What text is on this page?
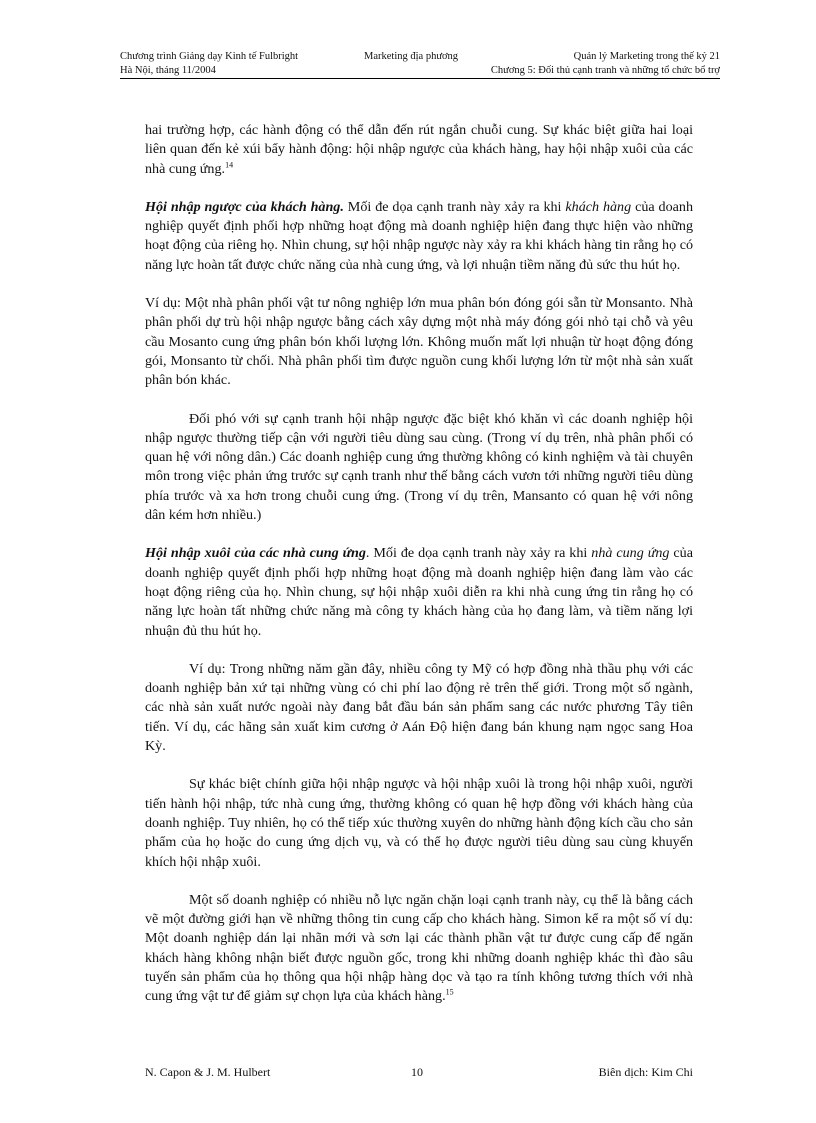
Chương trình Giảng dạy Kinh tế Fulbright
Hà Nội, tháng 11/2004
Marketing địa phương	Quản lý Marketing trong thế kỷ 21
Chương 5: Đối thủ cạnh tranh và những tổ chức bổ trợ

hai trường hợp, các hành động có thể dẫn đến rút ngắn chuỗi cung. Sự khác biệt giữa hai loại liên quan đến kẻ xúi bẩy hành động: hội nhập ngược của khách hàng, hay hội nhập xuôi của các nhà cung ứng.$^{14}$

Hội nhập ngược của khách hàng. Mối đe dọa cạnh tranh này xảy ra khi khách hàng của doanh nghiệp quyết định phối hợp những hoạt động mà doanh nghiệp hiện đang thực hiện vào những hoạt động của riêng họ. Nhìn chung, sự hội nhập ngược này xảy ra khi khách hàng tin rằng họ có năng lực hoàn tất được chức năng của nhà cung ứng, và lợi nhuận tiềm năng đủ sức thu hút họ.

Ví dụ: Một nhà phân phối vật tư nông nghiệp lớn mua phân bón đóng gói sẵn từ Monsanto. Nhà phân phối dự trù hội nhập ngược bằng cách xây dựng một nhà máy đóng gói nhỏ tại chỗ và yêu cầu Mosanto cung ứng phân bón khối lượng lớn. Không muốn mất lợi nhuận từ hoạt động đóng gói, Monsanto từ chối. Nhà phân phối tìm được nguồn cung khối lượng lớn từ một nhà sản xuất phân bón khác.

Đối phó với sự cạnh tranh hội nhập ngược đặc biệt khó khăn vì các doanh nghiệp hội nhập ngược thường tiếp cận với người tiêu dùng sau cùng. (Trong ví dụ trên, nhà phân phối có quan hệ với nông dân.) Các doanh nghiệp cung ứng thường không có kinh nghiệm và tài chuyên môn trong việc phản ứng trước sự cạnh tranh như thế bằng cách vươn tới những người tiêu dùng phía trước và xa hơn trong chuỗi cung ứng. (Trong ví dụ trên, Mansanto có quan hệ với nông dân kém hơn nhiều.)

Hội nhập xuôi của các nhà cung ứng. Mối đe dọa cạnh tranh này xảy ra khi nhà cung ứng của doanh nghiệp quyết định phối hợp những hoạt động mà doanh nghiệp hiện đang làm vào các hoạt động riêng của họ. Nhìn chung, sự hội nhập xuôi diễn ra khi nhà cung ứng tin rằng họ có năng lực hoàn tất những chức năng mà công ty khách hàng của họ đang làm, và tiềm năng lợi nhuận đủ thu hút họ.

Ví dụ: Trong những năm gần đây, nhiều công ty Mỹ có hợp đồng nhà thầu phụ với các doanh nghiệp bản xứ tại những vùng có chi phí lao động rẻ trên thế giới. Trong một số ngành, các nhà sản xuất nước ngoài này đang bắt đầu bán sản phẩm sang các nước phương Tây tiên tiến. Ví dụ, các hãng sản xuất kim cương ở Aán Độ hiện đang bán khung nạm ngọc sang Hoa Kỳ.

Sự khác biệt chính giữa hội nhập ngược và hội nhập xuôi là trong hội nhập xuôi, người tiến hành hội nhập, tức nhà cung ứng, thường không có quan hệ hợp đồng với khách hàng của doanh nghiệp. Tuy nhiên, họ có thể tiếp xúc thường xuyên do những hành động kích cầu cho sản phẩm của họ hoặc do cung ứng dịch vụ, và có thể họ được người tiêu dùng sau cùng khuyến khích hội nhập xuôi.

Một số doanh nghiệp có nhiều nỗ lực ngăn chặn loại cạnh tranh này, cụ thể là bằng cách vẽ một đường giới hạn về những thông tin cung cấp cho khách hàng. Simon kể ra một số ví dụ: Một doanh nghiệp dán lại nhãn mới và sơn lại các thành phần vật tư được cung cấp để ngăn khách hàng không nhận biết được nguồn gốc, trong khi những doanh nghiệp khác thì đào sâu tuyến sản phẩm của họ thông qua hội nhập hàng dọc và tạo ra tính không tương thích với nhà cung ứng vật tư để giảm sự chọn lựa của khách hàng.$^{15}$

N. Capon & J. M. Hulbert	10	Biên dịch: Kim Chi
